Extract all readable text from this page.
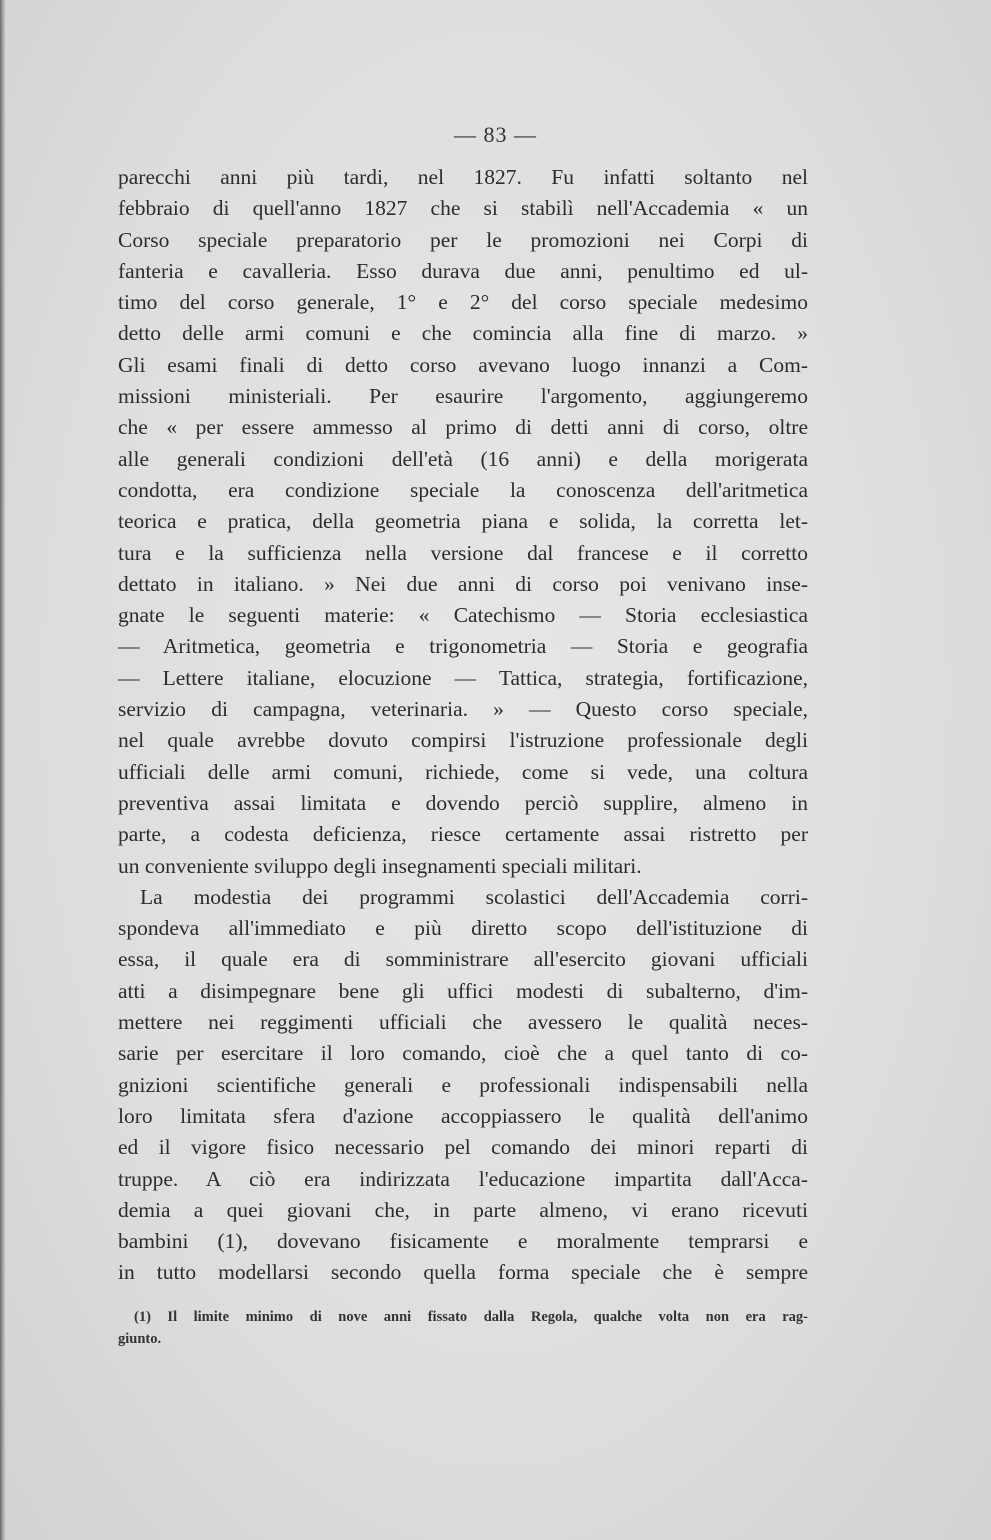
— 83 —
parecchi anni più tardi, nel 1827. Fu infatti soltanto nel
febbraio di quell'anno 1827 che si stabilì nell'Accademia « un
Corso speciale preparatorio per le promozioni nei Corpi di
fanteria e cavalleria. Esso durava due anni, penultimo ed ul-
timo del corso generale, 1° e 2° del corso speciale medesimo
detto delle armi comuni e che comincia alla fine di marzo. »
Gli esami finali di detto corso avevano luogo innanzi a Com-
missioni ministeriali. Per esaurire l'argomento, aggiungeremo
che « per essere ammesso al primo di detti anni di corso, oltre
alle generali condizioni dell'età (16 anni) e della morigerata
condotta, era condizione speciale la conoscenza dell'aritmetica
teorica e pratica, della geometria piana e solida, la corretta let-
tura e la sufficienza nella versione dal francese e il corretto
dettato in italiano. » Nei due anni di corso poi venivano inse-
gnate le seguenti materie: « Catechismo — Storia ecclesiastica
— Aritmetica, geometria e trigonometria — Storia e geografia
— Lettere italiane, elocuzione — Tattica, strategia, fortificazione,
servizio di campagna, veterinaria. » — Questo corso speciale,
nel quale avrebbe dovuto compirsi l'istruzione professionale degli
ufficiali delle armi comuni, richiede, come si vede, una coltura
preventiva assai limitata e dovendo perciò supplire, almeno in
parte, a codesta deficienza, riesce certamente assai ristretto per
un conveniente sviluppo degli insegnamenti speciali militari.
La modestia dei programmi scolastici dell'Accademia corri-
spondeva all'immediato e più diretto scopo dell'istituzione di
essa, il quale era di somministrare all'esercito giovani ufficiali
atti a disimpegnare bene gli uffici modesti di subalterno, d'im-
mettere nei reggimenti ufficiali che avessero le qualità neces-
sarie per esercitare il loro comando, cioè che a quel tanto di co-
gnizioni scientifiche generali e professionali indispensabili nella
loro limitata sfera d'azione accoppiassero le qualità dell'animo
ed il vigore fisico necessario pel comando dei minori reparti di
truppe. A ciò era indirizzata l'educazione impartita dall'Acca-
demia a quei giovani che, in parte almeno, vi erano ricevuti
bambini (1), dovevano fisicamente e moralmente temprarsi e
in tutto modellarsi secondo quella forma speciale che è sempre
(1) Il limite minimo di nove anni fissato dalla Regola, qualche volta non era rag-
giunto.
